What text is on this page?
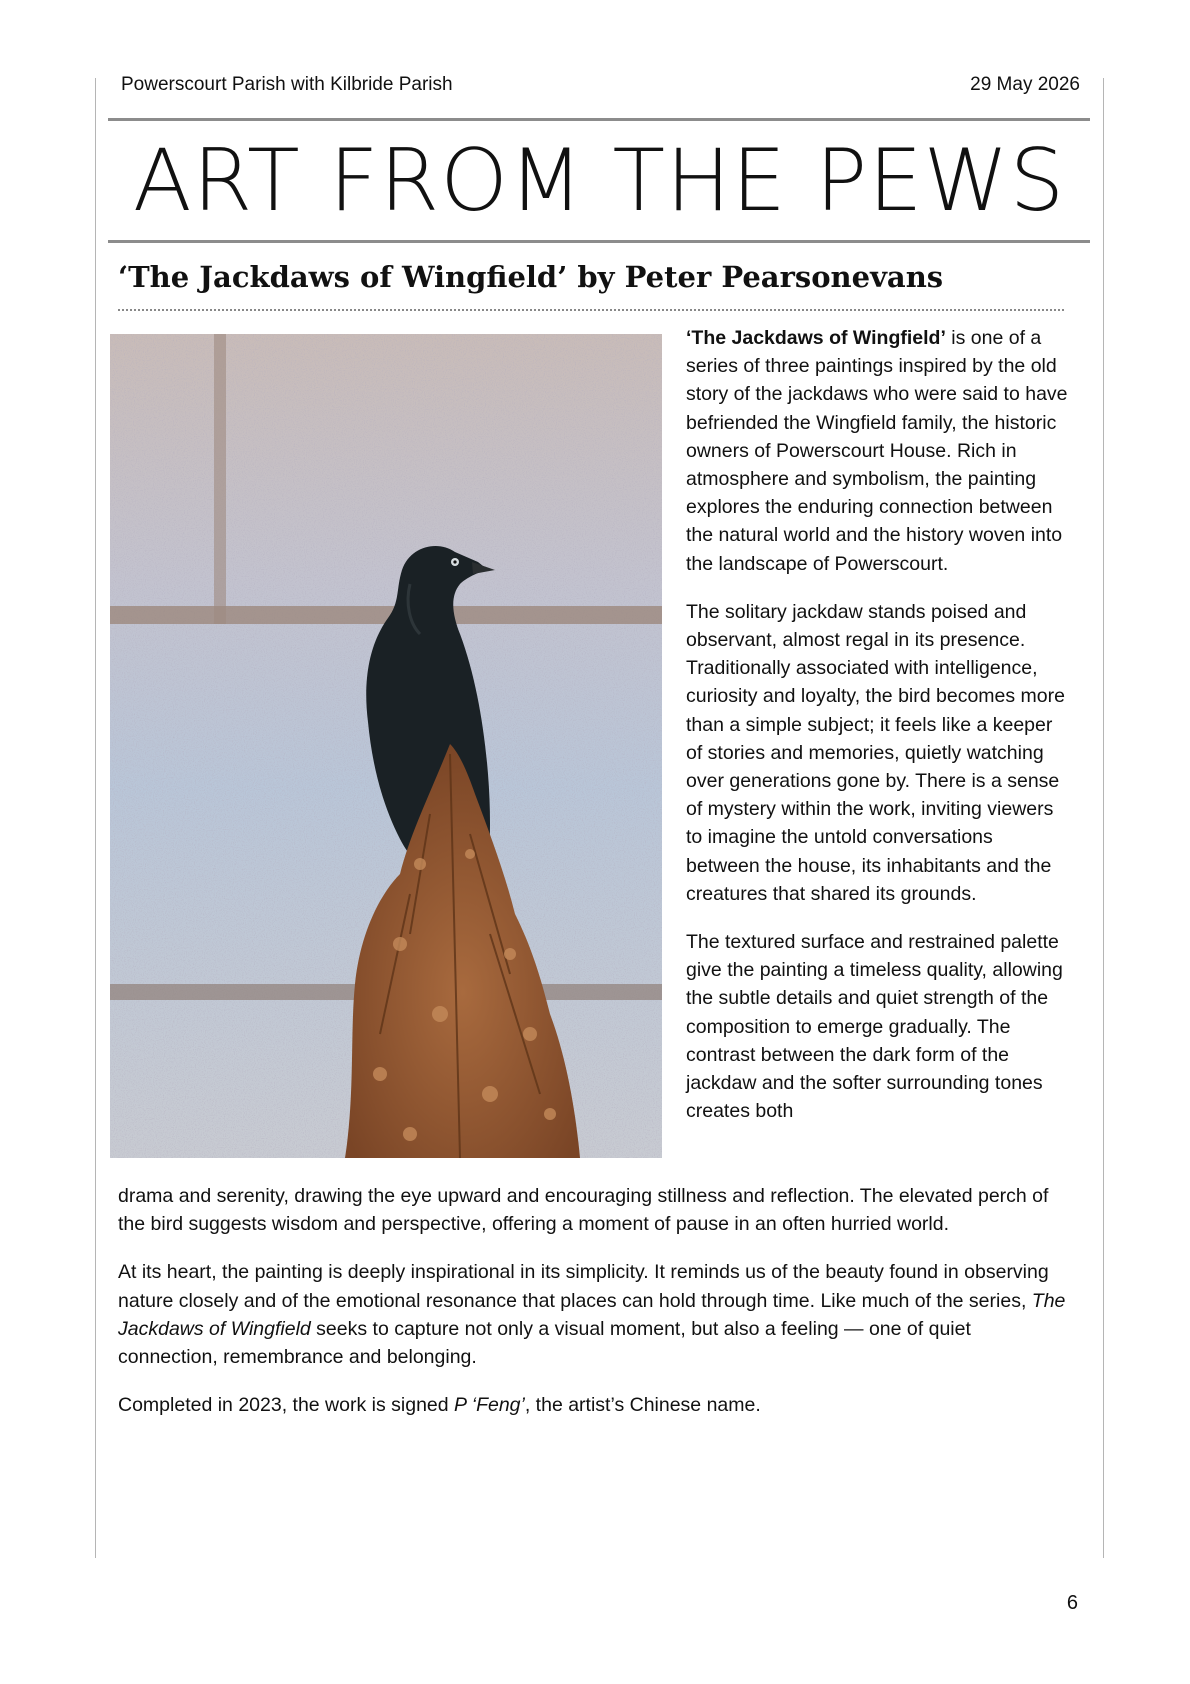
Powerscourt Parish with Kilbride Parish	29 May 2026
ART FROM THE PEWS
‘The Jackdaws of Wingfield’ by Peter Pearsonevans

‘The Jackdaws of Wingfield’ is one of a series of three paintings inspired by the old story of the jackdaws who were said to have befriended the Wingfield family, the historic owners of Powerscourt House. Rich in atmosphere and symbolism, the painting explores the enduring connection between the natural world and the history woven into the landscape of Powerscourt.

The solitary jackdaw stands poised and observant, almost regal in its presence. Traditionally associated with intelligence, curiosity and loyalty, the bird becomes more than a simple subject; it feels like a keeper of stories and memories, quietly watching over generations gone by. There is a sense of mystery within the work, inviting viewers to imagine the untold conversations between the house, its inhabitants and the creatures that shared its grounds.

The textured surface and restrained palette give the painting a timeless quality, allowing the subtle details and quiet strength of the composition to emerge gradually. The contrast between the dark form of the jackdaw and the softer surrounding tones creates both

drama and serenity, drawing the eye upward and encouraging stillness and reflection. The elevated perch of the bird suggests wisdom and perspective, offering a moment of pause in an often hurried world.

At its heart, the painting is deeply inspirational in its simplicity. It reminds us of the beauty found in observing nature closely and of the emotional resonance that places can hold through time. Like much of the series, The Jackdaws of Wingfield seeks to capture not only a visual moment, but also a feeling — one of quiet connection, remembrance and belonging.

Completed in 2023, the work is signed P ‘Feng’, the artist’s Chinese name.

6
